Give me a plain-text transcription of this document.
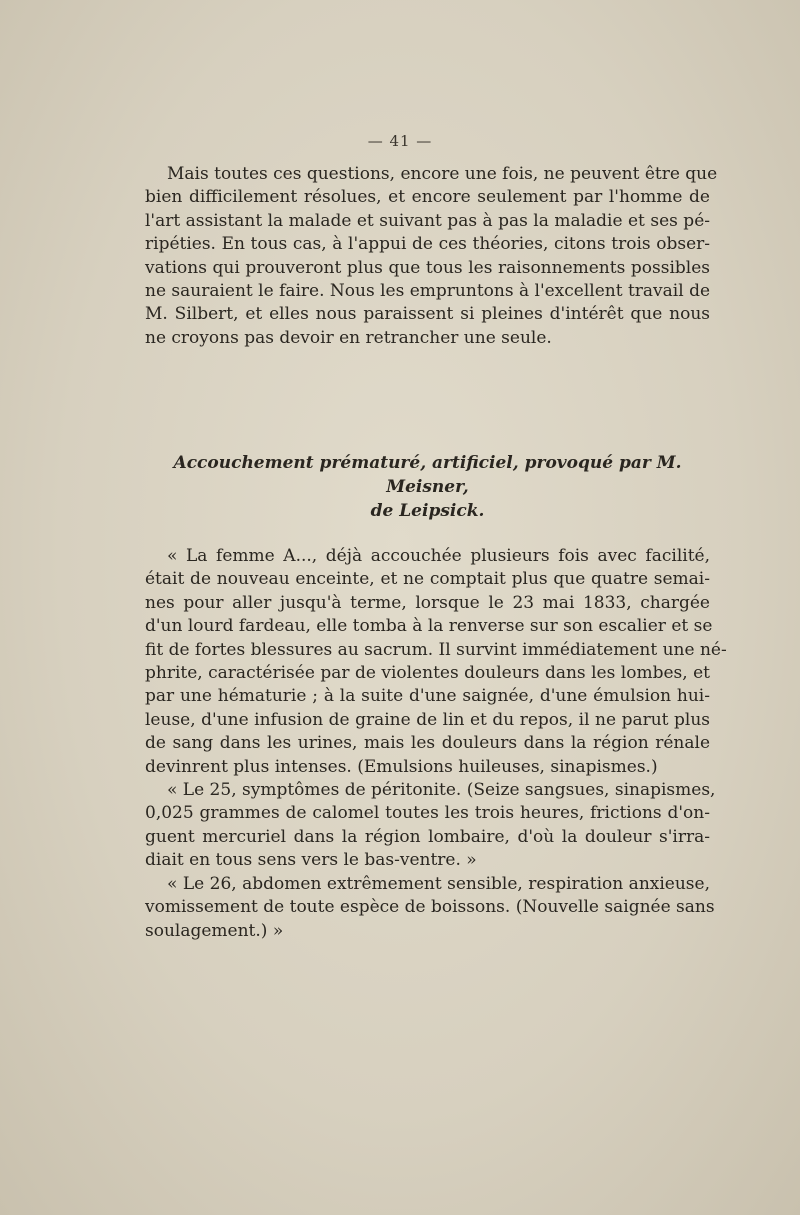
— 41 —
Mais toutes ces questions, encore une fois, ne peuvent être que
bien difficilement résolues, et encore seulement par l'homme de
l'art assistant la malade et suivant pas à pas la maladie et ses pé-
ripéties. En tous cas, à l'appui de ces théories, citons trois obser-
vations qui prouveront plus que tous les raisonnements possibles
ne sauraient le faire. Nous les empruntons à l'excellent travail de
M. Silbert, et elles nous paraissent si pleines d'intérêt que nous
ne croyons pas devoir en retrancher une seule.
Accouchement prématuré, artificiel, provoqué par M. Meisner,
de Leipsick.
« La femme A..., déjà accouchée plusieurs fois avec facilité,
était de nouveau enceinte, et ne comptait plus que quatre semai-
nes pour aller jusqu'à terme, lorsque le 23 mai 1833, chargée
d'un lourd fardeau, elle tomba à la renverse sur son escalier et se
fit de fortes blessures au sacrum. Il survint immédiatement une né-
phrite, caractérisée par de violentes douleurs dans les lombes, et
par une hématurie ; à la suite d'une saignée, d'une émulsion hui-
leuse, d'une infusion de graine de lin et du repos, il ne parut plus
de sang dans les urines, mais les douleurs dans la région rénale
devinrent plus intenses. (Emulsions huileuses, sinapismes.)
« Le 25, symptômes de péritonite. (Seize sangsues, sinapismes,
0,025 grammes de calomel toutes les trois heures, frictions d'on-
guent mercuriel dans la région lombaire, d'où la douleur s'irra-
diait en tous sens vers le bas-ventre. »
« Le 26, abdomen extrêmement sensible, respiration anxieuse,
vomissement de toute espèce de boissons. (Nouvelle saignée sans
soulagement.) »
